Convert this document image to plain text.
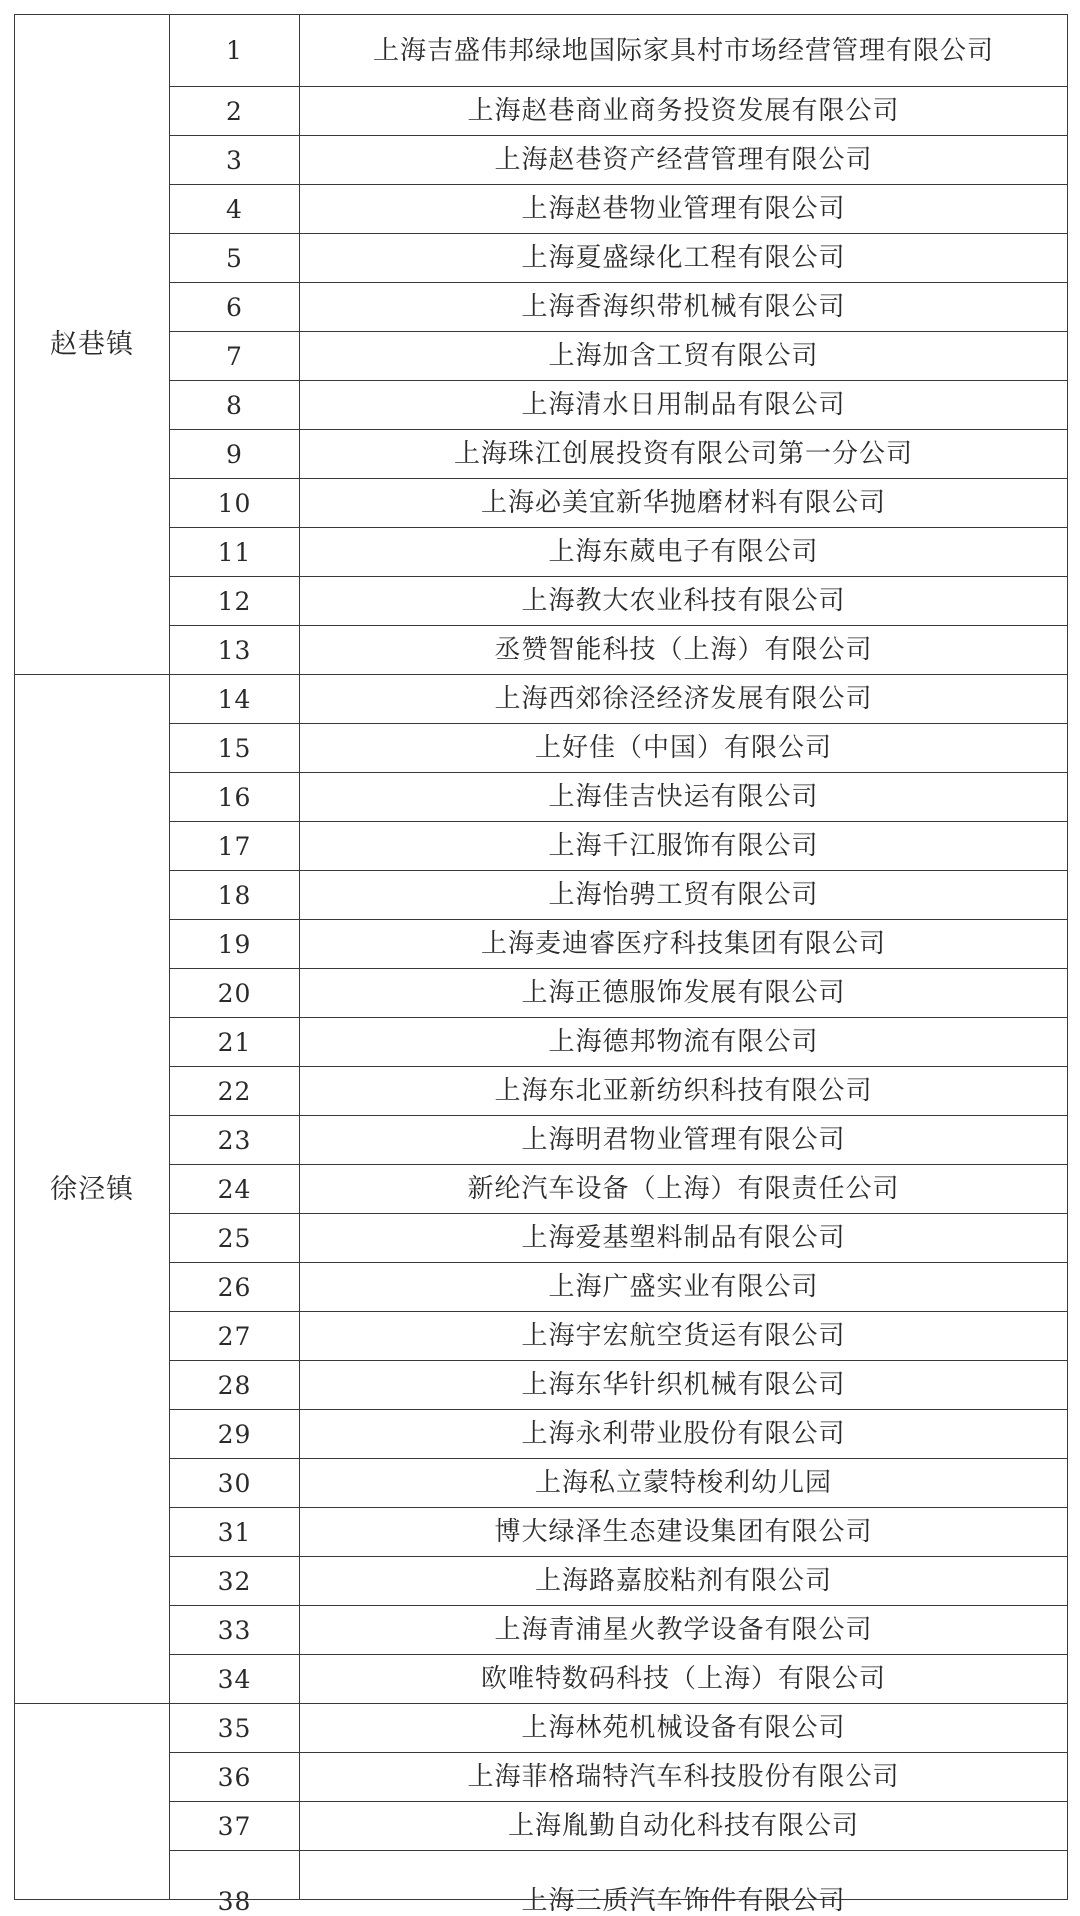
赵巷镇	1	上海吉盛伟邦绿地国际家具村市场经营管理有限公司
	2	上海赵巷商业商务投资发展有限公司
	3	上海赵巷资产经营管理有限公司
	4	上海赵巷物业管理有限公司
	5	上海夏盛绿化工程有限公司
	6	上海香海织带机械有限公司
	7	上海加含工贸有限公司
	8	上海清水日用制品有限公司
	9	上海珠江创展投资有限公司第一分公司
	10	上海必美宜新华抛磨材料有限公司
	11	上海东葳电子有限公司
	12	上海教大农业科技有限公司
	13	丞赞智能科技（上海）有限公司
徐泾镇	14	上海西郊徐泾经济发展有限公司
	15	上好佳（中国）有限公司
	16	上海佳吉快运有限公司
	17	上海千江服饰有限公司
	18	上海怡骋工贸有限公司
	19	上海麦迪睿医疗科技集团有限公司
	20	上海正德服饰发展有限公司
	21	上海德邦物流有限公司
	22	上海东北亚新纺织科技有限公司
	23	上海明君物业管理有限公司
	24	新纶汽车设备（上海）有限责任公司
	25	上海爱基塑料制品有限公司
	26	上海广盛实业有限公司
	27	上海宇宏航空货运有限公司
	28	上海东华针织机械有限公司
	29	上海永利带业股份有限公司
	30	上海私立蒙特梭利幼儿园
	31	博大绿泽生态建设集团有限公司
	32	上海路嘉胶粘剂有限公司
	33	上海青浦星火教学设备有限公司
	34	欧唯特数码科技（上海）有限公司
	35	上海林苑机械设备有限公司
	36	上海菲格瑞特汽车科技股份有限公司
	37	上海胤勤自动化科技有限公司
	38	上海三质汽车饰件有限公司
